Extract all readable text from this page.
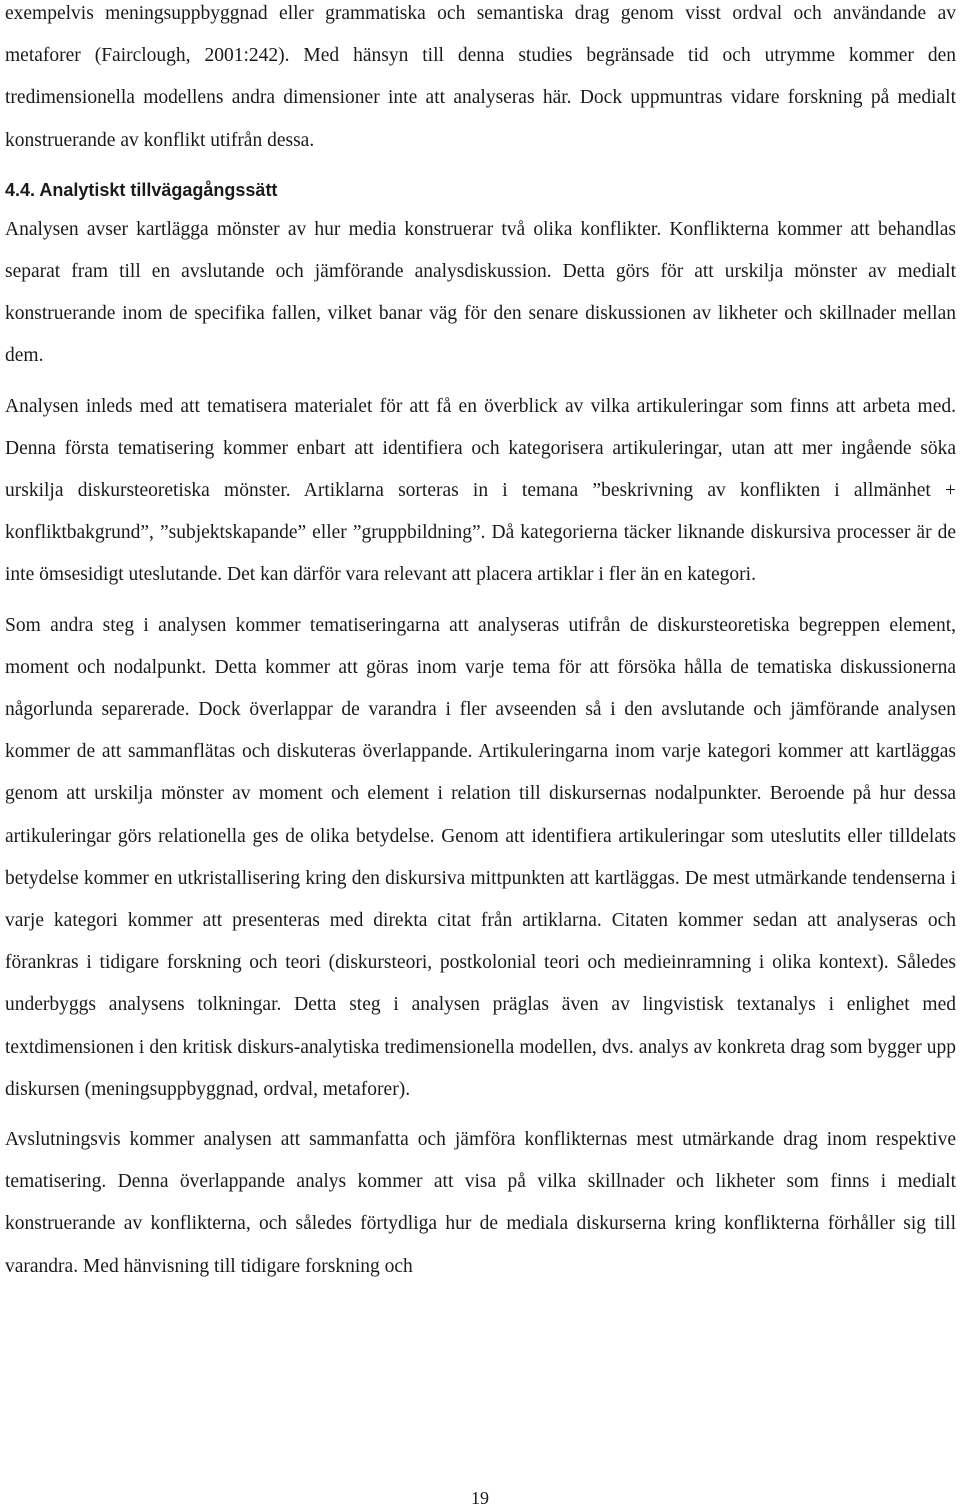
exempelvis meningsuppbyggnad eller grammatiska och semantiska drag genom visst ordval och användande av metaforer (Fairclough, 2001:242). Med hänsyn till denna studies begränsade tid och utrymme kommer den tredimensionella modellens andra dimensioner inte att analyseras här. Dock uppmuntras vidare forskning på medialt konstruerande av konflikt utifrån dessa.

4.4. Analytiskt tillvägagångssätt

Analysen avser kartlägga mönster av hur media konstruerar två olika konflikter. Konflikterna kommer att behandlas separat fram till en avslutande och jämförande analysdiskussion. Detta görs för att urskilja mönster av medialt konstruerande inom de specifika fallen, vilket banar väg för den senare diskussionen av likheter och skillnader mellan dem.

Analysen inleds med att tematisera materialet för att få en överblick av vilka artikuleringar som finns att arbeta med. Denna första tematisering kommer enbart att identifiera och kategorisera artikuleringar, utan att mer ingående söka urskilja diskursteoretiska mönster. Artiklarna sorteras in i temana ”beskrivning av konflikten i allmänhet + konfliktbakgrund”, ”subjektskapande” eller ”gruppbildning”. Då kategorierna täcker liknande diskursiva processer är de inte ömsesidigt uteslutande. Det kan därför vara relevant att placera artiklar i fler än en kategori.

Som andra steg i analysen kommer tematiseringarna att analyseras utifrån de diskursteoretiska begreppen element, moment och nodalpunkt. Detta kommer att göras inom varje tema för att försöka hålla de tematiska diskussionerna någorlunda separerade. Dock överlappar de varandra i fler avseenden så i den avslutande och jämförande analysen kommer de att sammanflätas och diskuteras överlappande. Artikuleringarna inom varje kategori kommer att kartläggas genom att urskilja mönster av moment och element i relation till diskursernas nodalpunkter. Beroende på hur dessa artikuleringar görs relationella ges de olika betydelse. Genom att identifiera artikuleringar som uteslutits eller tilldelats betydelse kommer en utkristallisering kring den diskursiva mittpunkten att kartläggas. De mest utmärkande tendenserna i varje kategori kommer att presenteras med direkta citat från artiklarna. Citaten kommer sedan att analyseras och förankras i tidigare forskning och teori (diskursteori, postkolonial teori och medieinramning i olika kontext). Således underbyggs analysens tolkningar. Detta steg i analysen präglas även av lingvistisk textanalys i enlighet med textdimensionen i den kritisk diskurs-analytiska tredimensionella modellen, dvs. analys av konkreta drag som bygger upp diskursen (meningsuppbyggnad, ordval, metaforer).

Avslutningsvis kommer analysen att sammanfatta och jämföra konflikternas mest utmärkande drag inom respektive tematisering. Denna överlappande analys kommer att visa på vilka skillnader och likheter som finns i medialt konstruerande av konflikterna, och således förtydliga hur de mediala diskurserna kring konflikterna förhåller sig till varandra. Med hänvisning till tidigare forskning och

19
